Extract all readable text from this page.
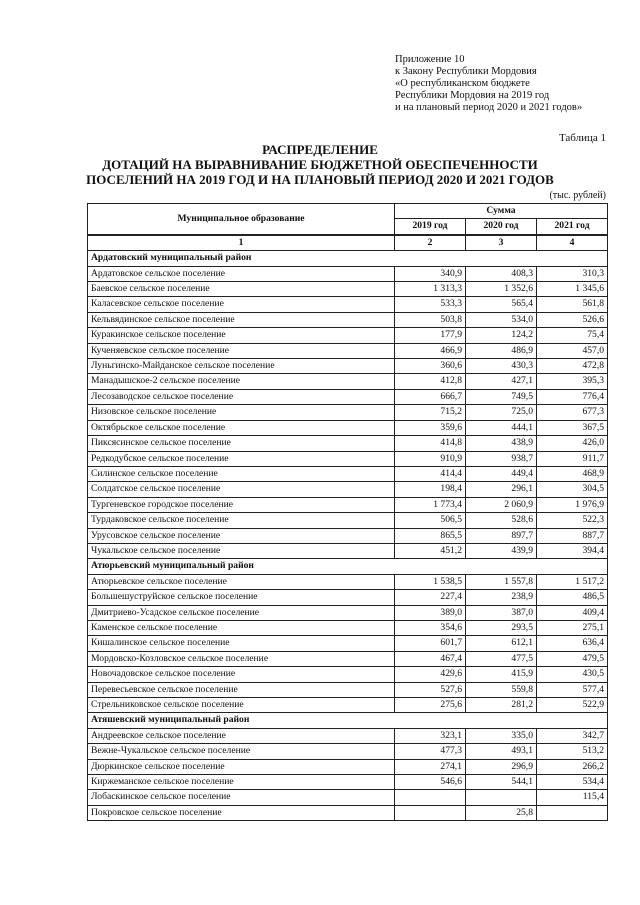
Приложение 10
к Закону Республики Мордовия
«О республиканском бюджете
Республики Мордовия на 2019 год
и на плановый период 2020 и 2021 годов»
Таблица 1
РАСПРЕДЕЛЕНИЕ
ДОТАЦИЙ НА ВЫРАВНИВАНИЕ БЮДЖЕТНОЙ ОБЕСПЕЧЕННОСТИ
ПОСЕЛЕНИЙ НА 2019 ГОД И НА ПЛАНОВЫЙ ПЕРИОД 2020 И 2021 ГОДОВ
(тыс. рублей)
Муниципальное образование	Сумма		
	2019 год	2020 год	2021 год
1	2	3	4
Ардатовский муниципальный район			
Ардатовское сельское поселение	340,9	408,3	310,3
Баевское сельское поселение	1 313,3	1 352,6	1 345,6
Калаcевское сельское поселение	533,3	565,4	561,8
Кельвядинское сельское поселение	503,8	534,0	526,6
Куракинское сельское поселение	177,9	124,2	75,4
Кученяевское сельское поселение	466,9	486,9	457,0
Луньгинско-Майданское сельское поселение	360,6	430,3	472,8
Манадышское-2 сельское поселение	412,8	427,1	395,3
Лесозаводское сельское поселение	666,7	749,5	776,4
Низовское сельское поселение	715,2	725,0	677,3
Октябрьское сельское поселение	359,6	444,1	367,5
Пиксясинское сельское поселение	414,8	438,9	426,0
Редкодубское сельское поселение	910,9	938,7	911,7
Силинское сельское поселение	414,4	449,4	468,9
Солдатское сельское поселение	198,4	296,1	304,5
Тургеневское городское поселение	1 773,4	2 060,9	1 976,9
Турдаковское сельское поселение	506,5	528,6	522,3
Урусовское сельское поселение	865,5	897,7	887,7
Чукальское сельское поселение	451,2	439,9	394,4
Атюрьевский муниципальный район			
Атюрьевское сельское поселение	1 538,5	1 557,8	1 517,2
Большешуструйское сельское поселение	227,4	238,9	486,5
Дмитриево-Усадское сельское поселение	389,0	387,0	409,4
Каменское сельское поселение	354,6	293,5	275,1
Кишалинское сельское поселение	601,7	612,1	636,4
Мордовско-Козловское сельское поселение	467,4	477,5	479,5
Новочадовское сельское поселение	429,6	415,9	430,5
Перевесьевское сельское поселение	527,6	559,8	577,4
Стрельниковское сельское поселение	275,6	281,2	522,9
Атяшевский муниципальный район			
Андреевское сельское поселение	323,1	335,0	342,7
Вежне-Чукальское сельское поселение	477,3	493,1	513,2
Дюркинское сельское поселение	274,1	296,9	266,2
Киржеманское сельское поселение	546,6	544,1	534,4
Лобаскинское сельское поселение			115,4
Покровское сельское поселение		25,8	
